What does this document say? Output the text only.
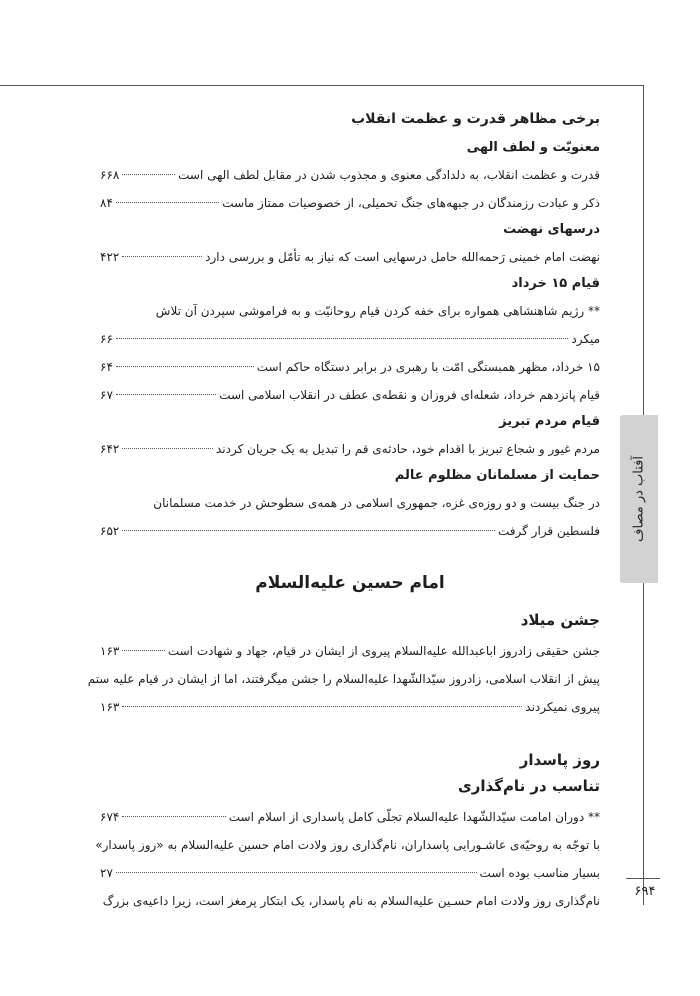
آفتاب در مصاف
۶۹۴
برخی مظاهر قدرت و عظمت انقلاب
معنویّت و لطف الهی
قدرت و عظمت انقلاب، به دلدادگی معنوی و مجذوب شدن در مقابل لطف الهی است
۶۶۸
ذکر و عبادت رزمندگان در جبهه‌های جنگ تحمیلی، از خصوصیات ممتاز ماست
۸۴
درسهای نهضت
نهضت امام خمینی رَحمه‌الله حامل درسهایی است که نیاز به تأمّل و بررسی دارد
۴۲۲
قیام ۱۵ خرداد
** رژیم شاهنشاهی همواره برای خفه کردن قیام روحانیّت و به فراموشی سپردن آن تلاش
میکرد
۶۶
۱۵ خرداد، مظهر همبستگی امّت با رهبری در برابر دستگاه حاکم است
۶۴
قیام پانزدهم خرداد، شعله‌ای فروزان و نقطه‌ی عطف در انقلاب اسلامی است
۶۷
قیام مردم تبریز
مردم غیور و شجاع تبریز با اقدام خود، حادثه‌ی قم را تبدیل به یک جریان کردند
۶۴۲
حمایت از مسلمانان مظلوم عالم
در جنگ بیست و دو روزه‌ی غزه، جمهوری اسلامی در همه‌ی سطوحش در خدمت مسلمانان
فلسطین قرار گرفت
۶۵۲
امام حسین علیه‌السلام
جشن میلاد
جشن حقیقی زادروز اباعبدالله علیه‌السلام پیروی از ایشان در قیام، جهاد و شهادت است
۱۶۳
پیش از انقلاب اسلامی، زادروز سیّدالشّهدا علیه‌السلام را جشن میگرفتند، اما از ایشان در قیام علیه ستم
پیروی نمیکردند
۱۶۳
روز پاسدار
تناسب در نام‌گذاری
** دوران امامت سیّدالشّهدا علیه‌السلام تجلّی کامل پاسداری از اسلام است
۶۷۴
با توجّه به روحیّه‌ی عاشـورایی پاسداران، نام‌گذاری روز ولادت امام حسین علیه‌السلام به «روز پاسدار»
بسیار مناسب بوده است
۲۷
نام‌گذاری روز ولادت امام حسـین علیه‌السلام به نام پاسدار، یک ابتکار پرمغز است، زیرا داعیه‌ی بزرگ
